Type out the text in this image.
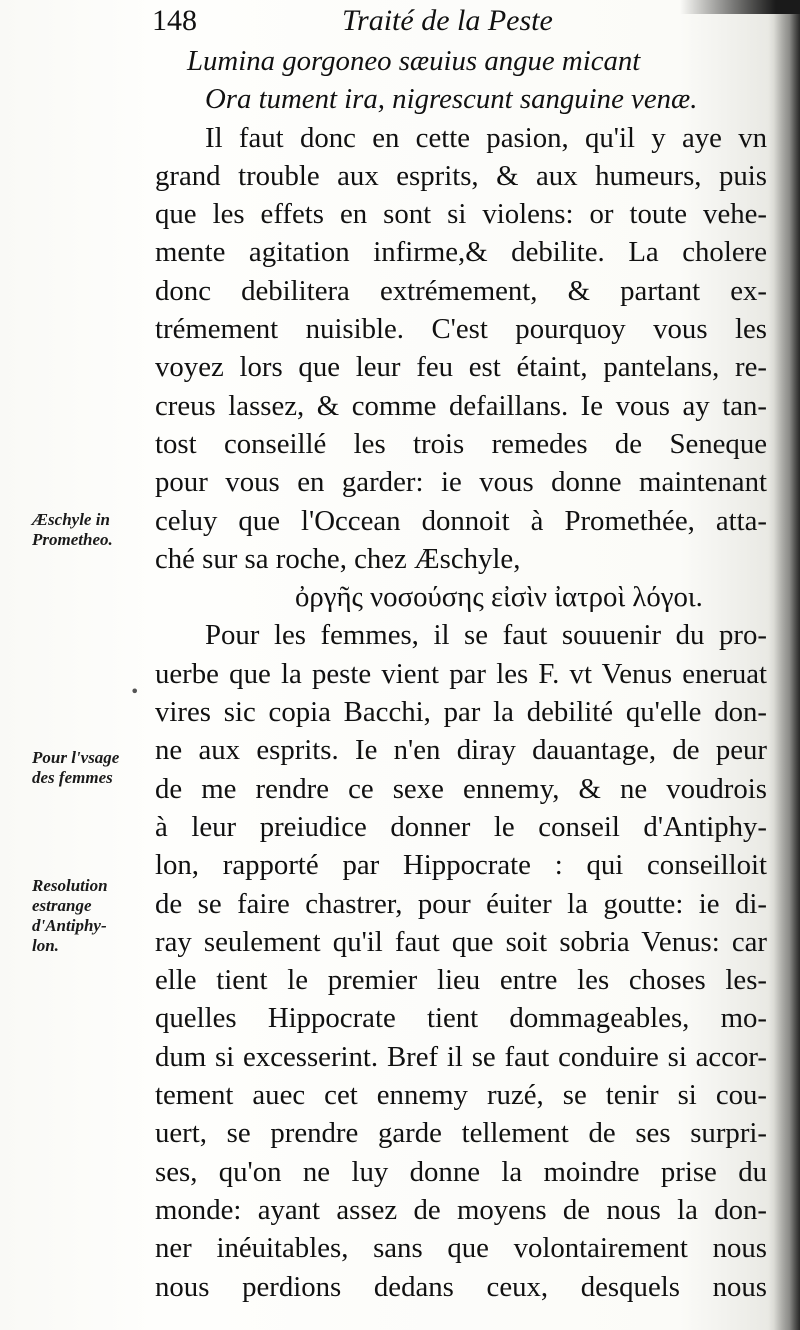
148	Traité de la Peste
Lumina gorgoneo sæuius angue micant
Ora tument ira, nigrescunt sanguine venæ.
Il faut donc en cette pasion, qu'il y aye vn
grand trouble aux esprits, & aux humeurs, puis
que les effets en sont si violens: or toute vehe-
mente agitation infirme,& debilite. La cholere
donc debilitera extrémement, & partant ex-
trémement nuisible. C'est pourquoy vous les
voyez lors que leur feu est étaint, pantelans, re-
creus lassez, & comme defaillans. Ie vous ay tan-
tost conseillé les trois remedes de Seneque
pour vous en garder: ie vous donne maintenant
celuy que l'Occean donnoit à Promethée, atta-
ché sur sa roche, chez Æschyle,
ὀργῆς νοσούσης εἰσὶν ἰατροὶ λόγοι.
Pour les femmes, il se faut souuenir du pro-
uerbe que la peste vient par les F. vt Venus eneruat
vires sic copia Bacchi, par la debilité qu'elle don-
ne aux esprits. Ie n'en diray dauantage, de peur
de me rendre ce sexe ennemy, & ne voudrois
à leur preiudice donner le conseil d'Antiphy-
lon, rapporté par Hippocrate : qui conseilloit
de se faire chastrer, pour éuiter la goutte: ie di-
ray seulement qu'il faut que soit sobria Venus: car
elle tient le premier lieu entre les choses les-
quelles Hippocrate tient dommageables, mo-
dum si excesserint. Bref il se faut conduire si accor-
tement auec cet ennemy ruzé, se tenir si cou-
uert, se prendre garde tellement de ses surpri-
ses, qu'on ne luy donne la moindre prise du
monde: ayant assez de moyens de nous la don-
ner inéuitables, sans que volontairement nous
nous perdions dedans ceux, desquels nous
Æschyle in
Prometheo.
Pour l'vsage
des femmes
Resolution
estrange
d'Antiphy-
lon.
•
